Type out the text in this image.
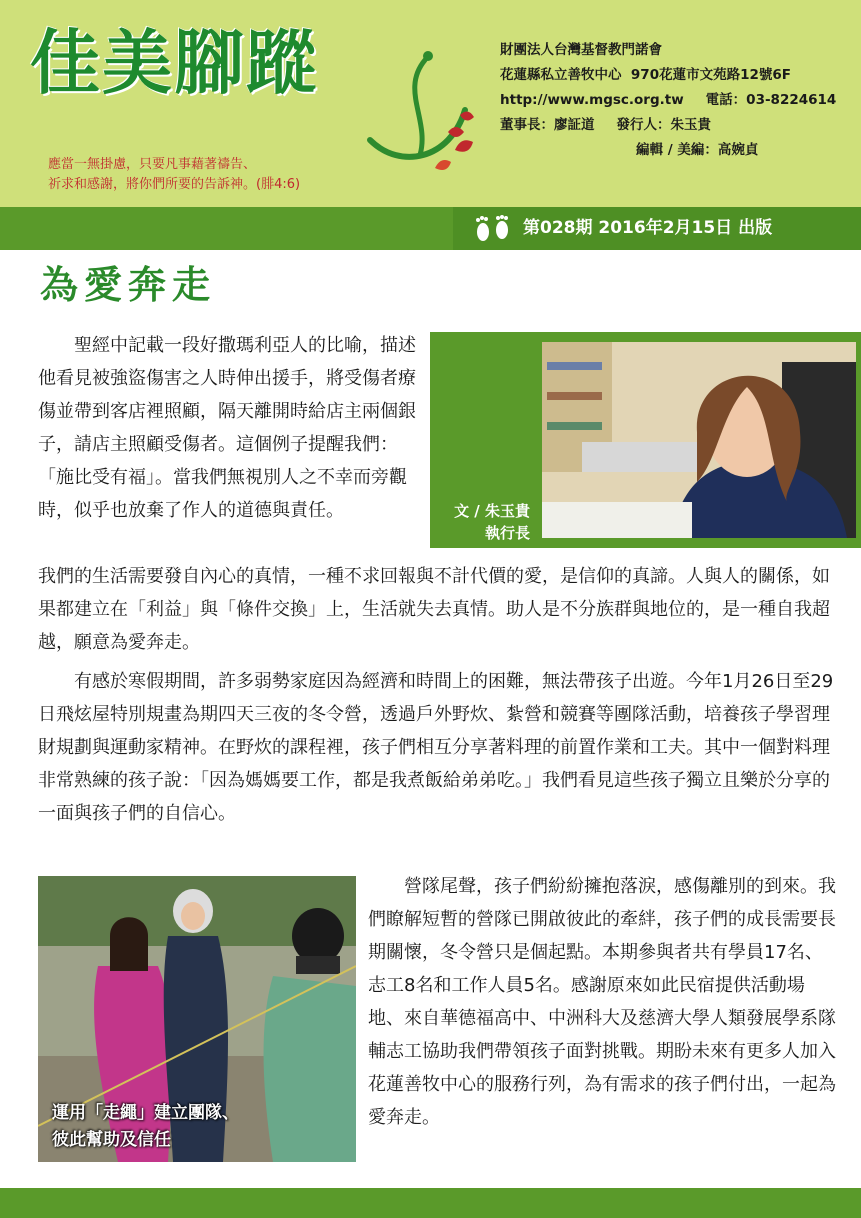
佳美腳蹤
應當一無掛慮，只要凡事藉著禱告、
祈求和感謝，將你們所要的告訴神。(腓4:6)
財團法人台灣基督教門諾會
花蓮縣私立善牧中心 970花蓮市文苑路12號6F
http://www.mgsc.org.tw 電話：03-8224614
董事長：廖証道 發行人：朱玉貴
編輯 / 美編：高婉貞
第028期 2016年2月15日 出版
為愛奔走
文 / 朱玉貴
執行長

聖經中記載一段好撒瑪利亞人的比喻，描述他看見被強盜傷害之人時伸出援手，將受傷者療傷並帶到客店裡照顧，隔天離開時給店主兩個銀子，請店主照顧受傷者。這個例子提醒我們：「施比受有福」。當我們無視別人之不幸而旁觀時，似乎也放棄了作人的道德與責任。

我們的生活需要發自內心的真情，一種不求回報與不計代價的愛，是信仰的真諦。人與人的關係，如果都建立在「利益」與「條件交換」上，生活就失去真情。助人是不分族群與地位的，是一種自我超越，願意為愛奔走。

有感於寒假期間，許多弱勢家庭因為經濟和時間上的困難，無法帶孩子出遊。今年1月26日至29日飛炫屋特別規畫為期四天三夜的冬令營，透過戶外野炊、紮營和競賽等團隊活動，培養孩子學習理財規劃與運動家精神。在野炊的課程裡，孩子們相互分享著料理的前置作業和工夫。其中一個對料理非常熟練的孩子說：「因為媽媽要工作，都是我煮飯給弟弟吃。」我們看見這些孩子獨立且樂於分享的一面與孩子們的自信心。

營隊尾聲，孩子們紛紛擁抱落淚，感傷離別的到來。我們瞭解短暫的營隊已開啟彼此的牽絆，孩子們的成長需要長期關懷，冬令營只是個起點。本期參與者共有學員17名、志工8名和工作人員5名。感謝原來如此民宿提供活動場地、來自華德福高中、中洲科大及慈濟大學人類發展學系隊輔志工協助我們帶領孩子面對挑戰。期盼未來有更多人加入花蓮善牧中心的服務行列，為有需求的孩子們付出，一起為愛奔走。

運用「走繩」建立團隊、
彼此幫助及信任
